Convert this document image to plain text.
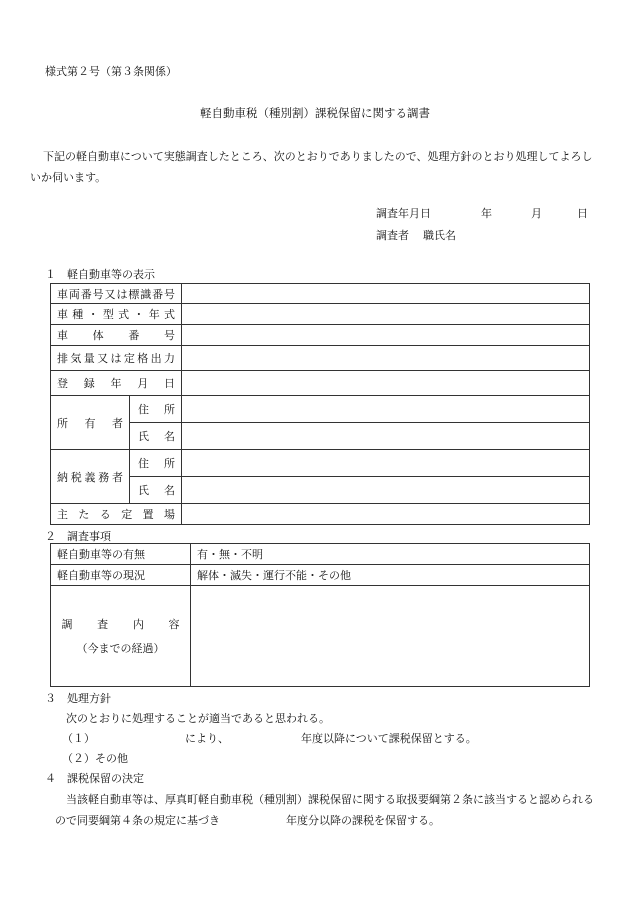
様式第２号（第３条関係）
軽自動車税（種別割）課税保留に関する調書
下記の軽自動車について実態調査したところ、次のとおりでありましたので、処理方針のとおり処理してよろしいか伺います。
調査年月日	年	月	日
調査者 職氏名
１　軽自動車等の表示
車両番号又は標識番号		
車種・型式・年式		
車体番号		
排気量又は定格出力		
登録年月日		
所有者	住所	
	氏名	
納税義務者	住所	
	氏名	
主たる定置場		
２　調査事項
軽自動車等の有無	有・無・不明
軽自動車等の現況	解体・滅失・運行不能・その他

調査内容
（今までの経過）	

３　処理方針
次のとおりに処理することが適当であると思われる。
（１）	により、	年度以降について課税保留とする。
（２）その他
４　課税保留の決定
当該軽自動車等は、厚真町軽自動車税（種別割）課税保留に関する取扱要綱第２条に該当すると認められるので同要綱第４条の規定に基づき　　　　　　年度分以降の課税を保留する。
